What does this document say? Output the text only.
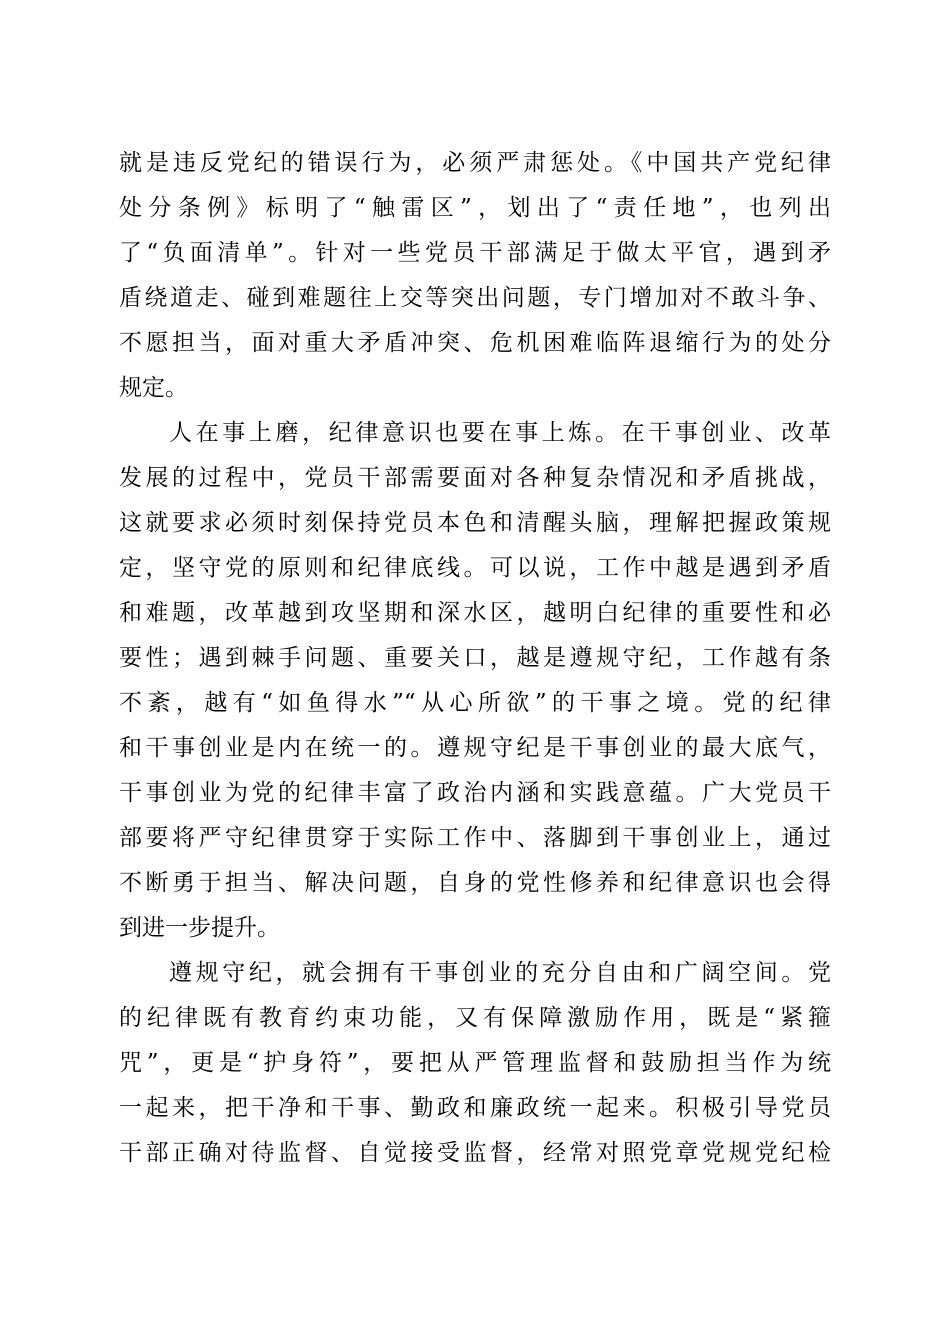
就是违反党纪的错误行为，必须严肃惩处。《中国共产党纪律
处分条例》标明了“触雷区”，划出了“责任地”，也列出
了“负面清单”。针对一些党员干部满足于做太平官，遇到矛
盾绕道走、碰到难题往上交等突出问题，专门增加对不敢斗争、
不愿担当，面对重大矛盾冲突、危机困难临阵退缩行为的处分
规定。
人在事上磨，纪律意识也要在事上炼。在干事创业、改革
发展的过程中，党员干部需要面对各种复杂情况和矛盾挑战，
这就要求必须时刻保持党员本色和清醒头脑，理解把握政策规
定，坚守党的原则和纪律底线。可以说，工作中越是遇到矛盾
和难题，改革越到攻坚期和深水区，越明白纪律的重要性和必
要性；遇到棘手问题、重要关口，越是遵规守纪，工作越有条
不紊，越有“如鱼得水”“从心所欲”的干事之境。党的纪律
和干事创业是内在统一的。遵规守纪是干事创业的最大底气，
干事创业为党的纪律丰富了政治内涵和实践意蕴。广大党员干
部要将严守纪律贯穿于实际工作中、落脚到干事创业上，通过
不断勇于担当、解决问题，自身的党性修养和纪律意识也会得
到进一步提升。
遵规守纪，就会拥有干事创业的充分自由和广阔空间。党
的纪律既有教育约束功能，又有保障激励作用，既是“紧箍
咒”，更是“护身符”，要把从严管理监督和鼓励担当作为统
一起来，把干净和干事、勤政和廉政统一起来。积极引导党员
干部正确对待监督、自觉接受监督，经常对照党章党规党纪检
